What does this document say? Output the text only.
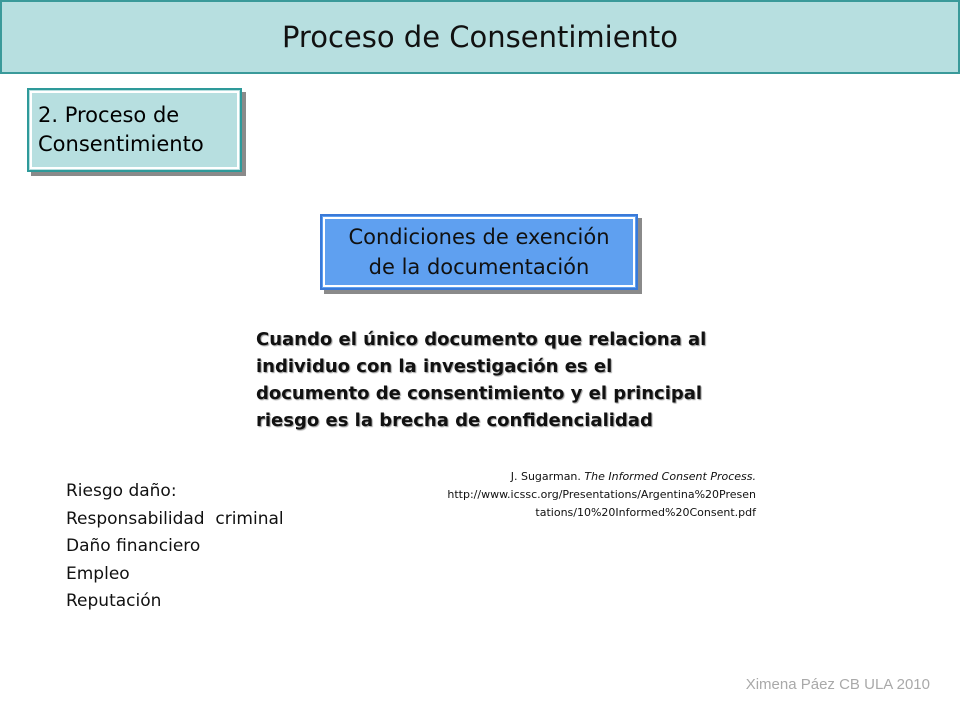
Proceso de Consentimiento
2. Proceso de
Consentimiento
Condiciones de exención
de la documentación
Cuando el único documento que relaciona al
individuo con la investigación es el
documento de consentimiento y el principal
riesgo es la brecha de confidencialidad
J. Sugarman. The Informed Consent Process.
http://www.icssc.org/Presentations/Argentina%20Presen
tations/10%20Informed%20Consent.pdf
Riesgo daño:
Responsabilidad  criminal
Daño financiero
Empleo
Reputación
Ximena Páez CB ULA 2010
